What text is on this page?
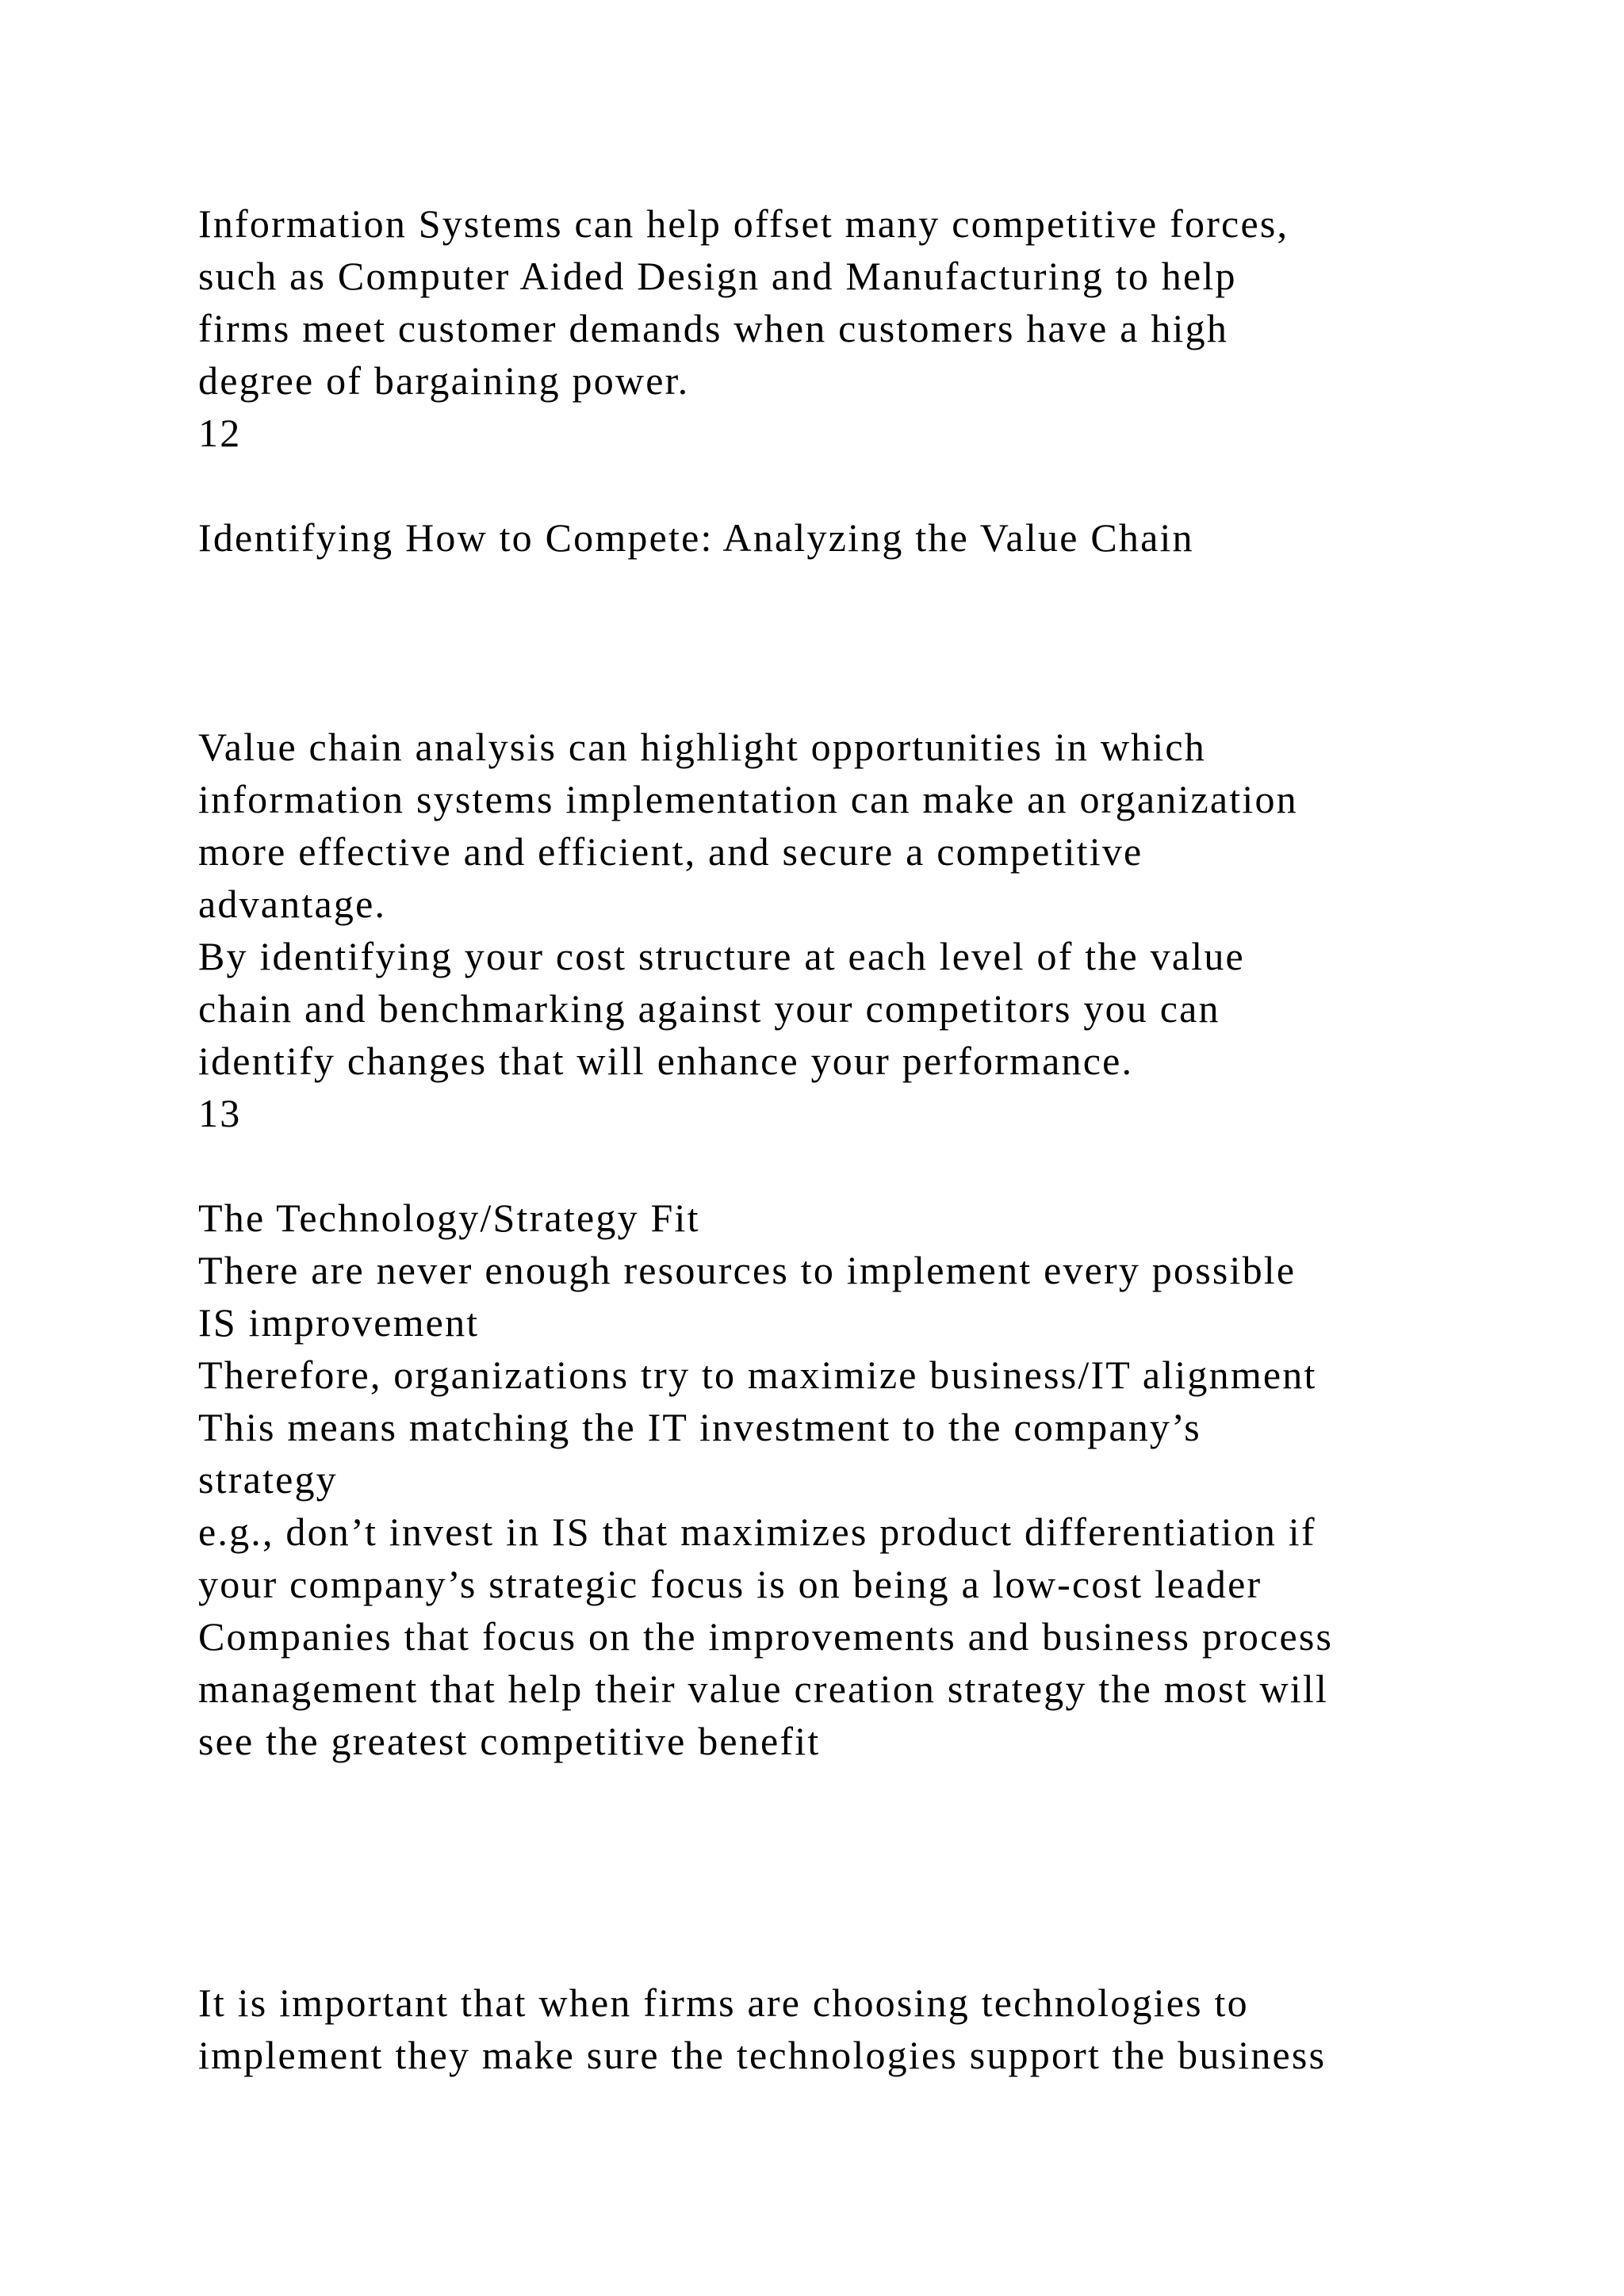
Information Systems can help offset many competitive forces,
such as Computer Aided Design and Manufacturing to help
firms meet customer demands when customers have a high
degree of bargaining power.
12
Identifying How to Compete: Analyzing the Value Chain
Value chain analysis can highlight opportunities in which
information systems implementation can make an organization
more effective and efficient, and secure a competitive
advantage.
By identifying your cost structure at each level of the value
chain and benchmarking against your competitors you can
identify changes that will enhance your performance.
13
The Technology/Strategy Fit
There are never enough resources to implement every possible
IS improvement
Therefore, organizations try to maximize business/IT alignment
This means matching the IT investment to the company’s
strategy
e.g., don’t invest in IS that maximizes product differentiation if
your company’s strategic focus is on being a low-cost leader
Companies that focus on the improvements and business process
management that help their value creation strategy the most will
see the greatest competitive benefit
It is important that when firms are choosing technologies to
implement they make sure the technologies support the business
